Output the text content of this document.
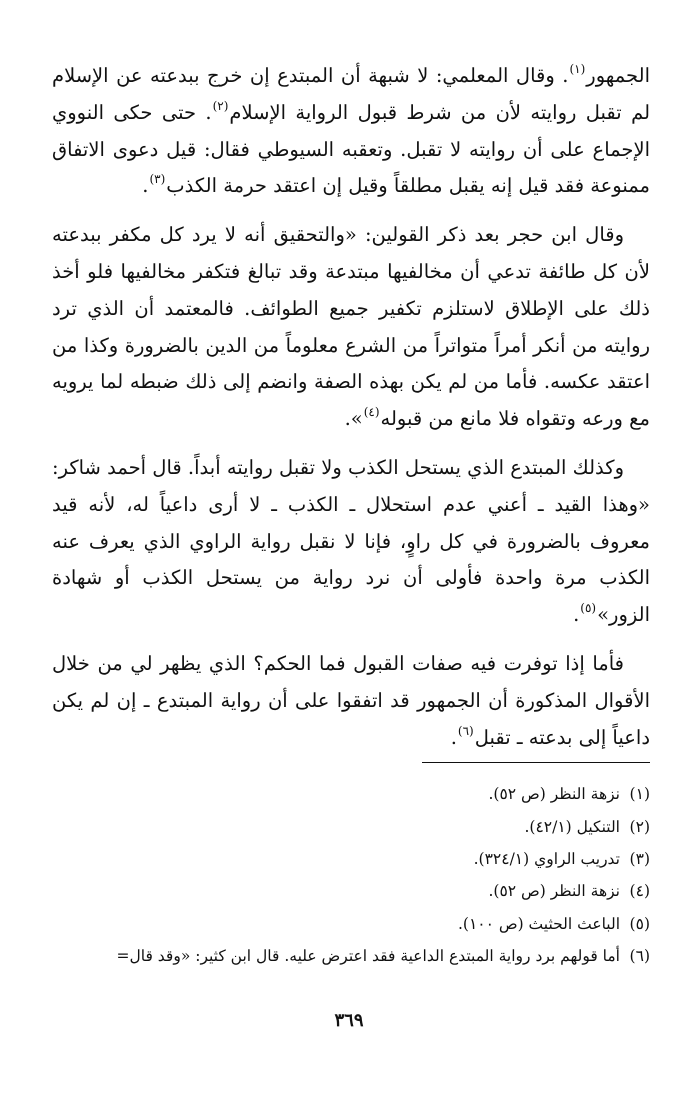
الجمهور$^{(١)}$. وقال المعلمي: لا شبهة أن المبتدع إن خرج ببدعته عن الإسلام لم تقبل روايته لأن من شرط قبول الرواية الإسلام$^{(٢)}$. حتى حكى النووي الإجماع على أن روايته لا تقبل. وتعقبه السيوطي فقال: قيل دعوى الاتفاق ممنوعة فقد قيل إنه يقبل مطلقاً وقيل إن اعتقد حرمة الكذب$^{(٣)}$.

وقال ابن حجر بعد ذكر القولين: «والتحقيق أنه لا يرد كل مكفر ببدعته لأن كل طائفة تدعي أن مخالفيها مبتدعة وقد تبالغ فتكفر مخالفيها فلو أخذ ذلك على الإطلاق لاستلزم تكفير جميع الطوائف. فالمعتمد أن الذي ترد روايته من أنكر أمراً متواتراً من الشرع معلوماً من الدين بالضرورة وكذا من اعتقد عكسه. فأما من لم يكن بهذه الصفة وانضم إلى ذلك ضبطه لما يرويه مع ورعه وتقواه فلا مانع من قبوله$^{(٤)}$».

وكذلك المبتدع الذي يستحل الكذب ولا تقبل روايته أبداً. قال أحمد شاكر: «وهذا القيد ـ أعني عدم استحلال ـ الكذب ـ لا أرى داعياً له، لأنه قيد معروف بالضرورة في كل راوٍ، فإنا لا نقبل رواية الراوي الذي يعرف عنه الكذب مرة واحدة فأولى أن نرد رواية من يستحل الكذب أو شهادة الزور»$^{(٥)}$.

فأما إذا توفرت فيه صفات القبول فما الحكم؟ الذي يظهر لي من خلال الأقوال المذكورة أن الجمهور قد اتفقوا على أن رواية المبتدع ـ إن لم يكن داعياً إلى بدعته ـ تقبل$^{(٦)}$.

(١)
نزهة النظر (ص ٥٢).
(٢)
التنكيل (٤٢/١).
(٣)
تدريب الراوي (٣٢٤/١).
(٤)
نزهة النظر (ص ٥٢).
(٥)
الباعث الحثيث (ص ١٠٠).
(٦)
أما قولهم برد رواية المبتدع الداعية فقد اعترض عليه. قال ابن كثير: «وقد قال=
٣٦٩
